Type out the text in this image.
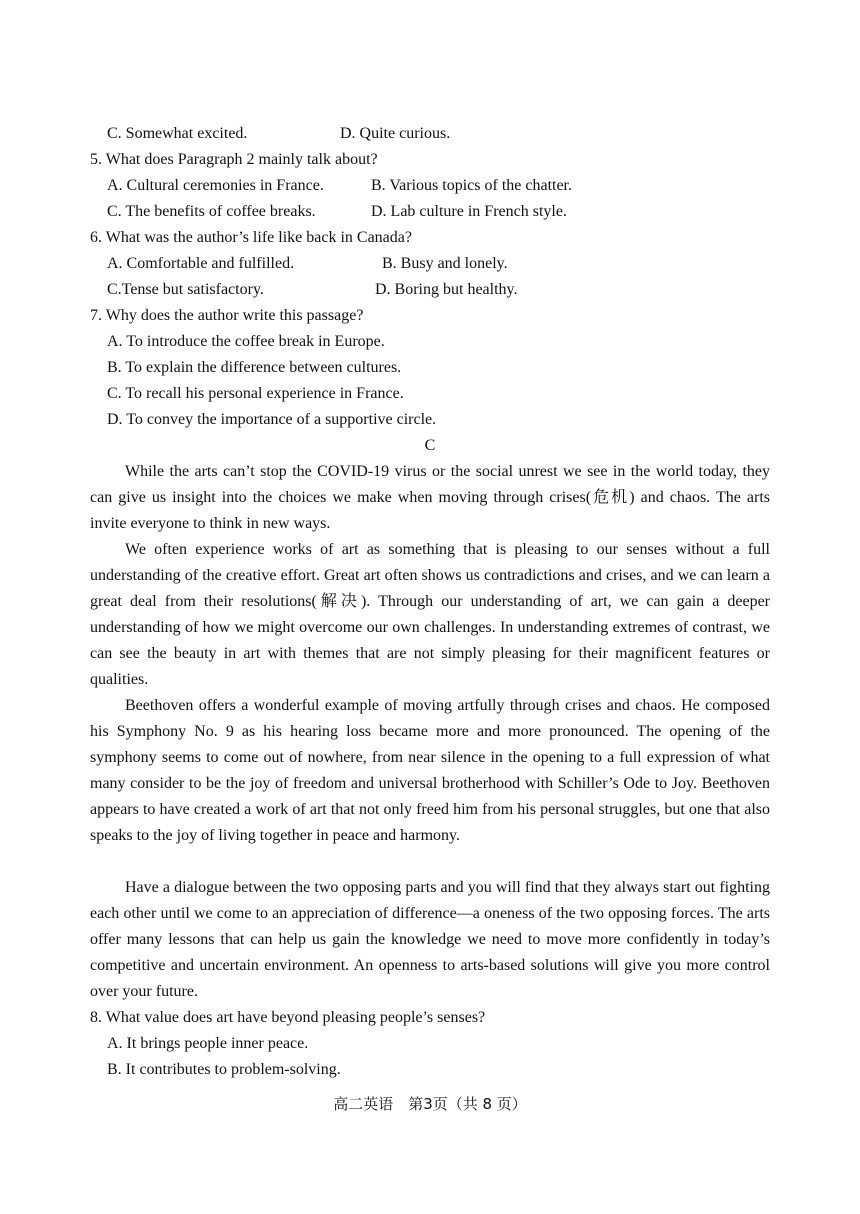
C. Somewhat excited.	D. Quite curious.
5. What does Paragraph 2 mainly talk about?
A. Cultural ceremonies in France.	B. Various topics of the chatter.
C. The benefits of coffee breaks.	D. Lab culture in French style.
6. What was the author’s life like back in Canada?
A. Comfortable and fulfilled.	B. Busy and lonely.
C.Tense but satisfactory.	D. Boring but healthy.
7. Why does the author write this passage?
A. To introduce the coffee break in Europe.
B. To explain the difference between cultures.
C. To recall his personal experience in France.
D. To convey the importance of a supportive circle.
C

While the arts can’t stop the COVID-19 virus or the social unrest we see in the world today, they can give us insight into the choices we make when moving through crises(危机) and chaos. The arts invite everyone to think in new ways.

We often experience works of art as something that is pleasing to our senses without a full understanding of the creative effort. Great art often shows us contradictions and crises, and we can learn a great deal from their resolutions(解决). Through our understanding of art, we can gain a deeper understanding of how we might overcome our own challenges. In understanding extremes of contrast, we can see the beauty in art with themes that are not simply pleasing for their magnificent features or qualities.

Beethoven offers a wonderful example of moving artfully through crises and chaos. He composed his Symphony No. 9 as his hearing loss became more and more pronounced. The opening of the symphony seems to come out of nowhere, from near silence in the opening to a full expression of what many consider to be the joy of freedom and universal brotherhood with Schiller’s Ode to Joy. Beethoven appears to have created a work of art that not only freed him from his personal struggles, but one that also speaks to the joy of living together in peace and harmony.

Have a dialogue between the two opposing parts and you will find that they always start out fighting each other until we come to an appreciation of difference—a oneness of the two opposing forces. The arts offer many lessons that can help us gain the knowledge we need to move more confidently in today’s competitive and uncertain environment. An openness to arts-based solutions will give you more control over your future.

8. What value does art have beyond pleasing people’s senses?
A. It brings people inner peace.
B. It contributes to problem-solving.
高二英语　第3页（共 8 页）
